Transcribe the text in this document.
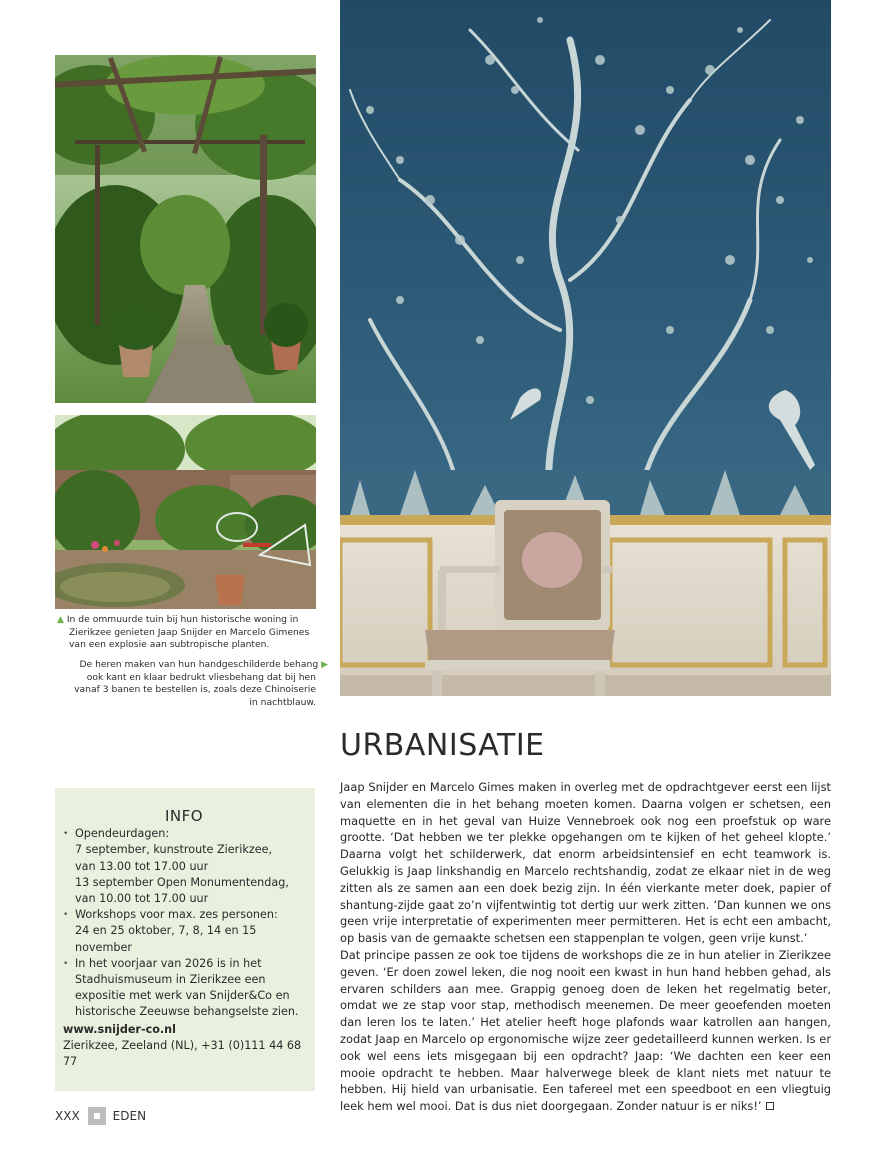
▲ In de ommuurde tuin bij hun historische woning in
Zierikzee genieten Jaap Snijder en Marcelo Gimenes
van een explosie aan subtropische planten.
De heren maken van hun handgeschilderde behang ▶
ook kant en klaar bedrukt vliesbehang dat bij hen
vanaf 3 banen te bestellen is, zoals deze Chinoiserie
in nachtblauw.
URBANISATIE

Jaap Snijder en Marcelo Gimes maken in overleg met de opdrachtgever eerst een lijst van elementen die in het behang moeten komen. Daarna volgen er schetsen, een maquette en in het geval van Huize Vennebroek ook nog een proefstuk op ware grootte. ‘Dat hebben we ter plekke opgehangen om te kijken of het geheel klopte.’ Daarna volgt het schilderwerk, dat enorm arbeidsintensief en echt teamwork is. Gelukkig is Jaap linkshandig en Marcelo rechtshandig, zodat ze elkaar niet in de weg zitten als ze samen aan een doek bezig zijn. In één vierkante meter doek, papier of shantung-zijde gaat zo’n vijfentwintig tot dertig uur werk zitten. ‘Dan kunnen we ons geen vrije interpretatie of experimenten meer permitteren. Het is echt een ambacht, op basis van de gemaakte schetsen een stappenplan te volgen, geen vrije kunst.’

Dat principe passen ze ook toe tijdens de workshops die ze in hun atelier in Zierikzee geven. ‘Er doen zowel leken, die nog nooit een kwast in hun hand hebben gehad, als ervaren schilders aan mee. Grappig genoeg doen de leken het regelmatig beter, omdat we ze stap voor stap, methodisch meenemen. De meer geoefenden moeten dan leren los te laten.’ Het atelier heeft hoge plafonds waar katrollen aan hangen, zodat Jaap en Marcelo op ergonomische wijze zeer gedetailleerd kunnen werken. Is er ook wel eens iets misgegaan bij een opdracht? Jaap: ‘We dachten een keer een mooie opdracht te hebben. Maar halverwege bleek de klant niets met natuur te hebben. Hij hield van urbanisatie. Een tafereel met een speedboot en een vliegtuig leek hem wel mooi. Dat is dus niet doorgegaan. Zonder natuur is er niks!’

INFO
• Opendeurdagen:
7 september, kunstroute Zierikzee,
van 13.00 tot 17.00 uur
13 september Open Monumentendag,
van 10.00 tot 17.00 uur
• Workshops voor max. zes personen:
24 en 25 oktober, 7, 8, 14 en 15 november
• In het voorjaar van 2026 is in het
Stadhuismuseum in Zierikzee een
expositie met werk van Snijder&Co en
historische Zeeuwse behangselste zien.
www.snijder-co.nl
Zierikzee, Zeeland (NL), +31 (0)111 44 68 77
XXX	EDEN
